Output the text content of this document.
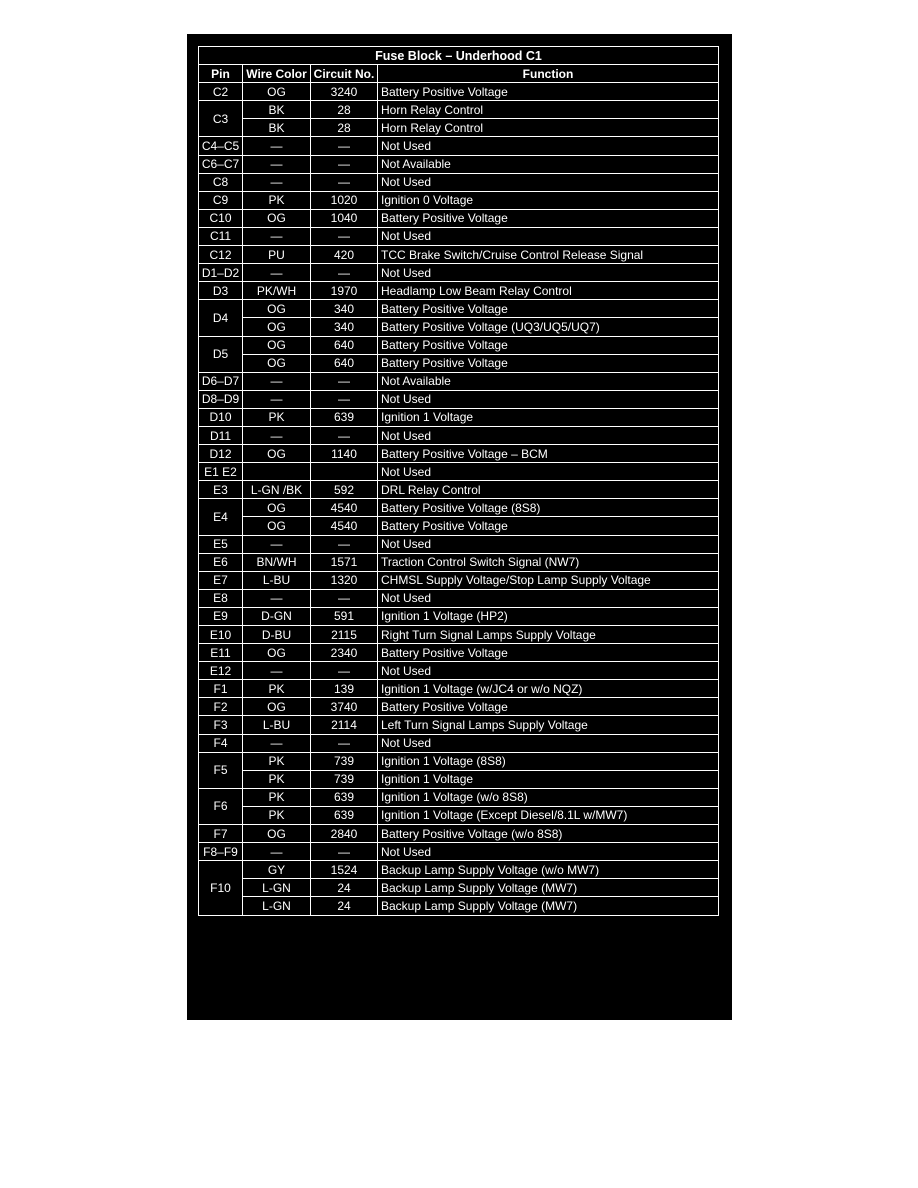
Fuse Block – Underhood C1			
Pin	Wire Color	Circuit No.	Function
C2	OG	3240	Battery Positive Voltage
C3	BK	28	Horn Relay Control
	BK	28	Horn Relay Control
C4–C5	—	—	Not Used
C6–C7	—	—	Not Available
C8	—	—	Not Used
C9	PK	1020	Ignition 0 Voltage
C10	OG	1040	Battery Positive Voltage
C11	—	—	Not Used
C12	PU	420	TCC Brake Switch/Cruise Control Release Signal
D1–D2	—	—	Not Used
D3	PK/WH	1970	Headlamp Low Beam Relay Control
D4	OG	340	Battery Positive Voltage
	OG	340	Battery Positive Voltage (UQ3/UQ5/UQ7)
D5	OG	640	Battery Positive Voltage
	OG	640	Battery Positive Voltage
D6–D7	—	—	Not Available
D8–D9	—	—	Not Used
D10	PK	639	Ignition 1 Voltage
D11	—	—	Not Used
D12	OG	1140	Battery Positive Voltage – BCM
E1 E2			Not Used
E3	L-GN /BK	592	DRL Relay Control
E4	OG	4540	Battery Positive Voltage (8S8)
	OG	4540	Battery Positive Voltage
E5	—	—	Not Used
E6	BN/WH	1571	Traction Control Switch Signal (NW7)
E7	L-BU	1320	CHMSL Supply Voltage/Stop Lamp Supply Voltage
E8	—	—	Not Used
E9	D-GN	591	Ignition 1 Voltage (HP2)
E10	D-BU	2115	Right Turn Signal Lamps Supply Voltage
E11	OG	2340	Battery Positive Voltage
E12	—	—	Not Used
F1	PK	139	Ignition 1 Voltage (w/JC4 or w/o NQZ)
F2	OG	3740	Battery Positive Voltage
F3	L-BU	2114	Left Turn Signal Lamps Supply Voltage
F4	—	—	Not Used
F5	PK	739	Ignition 1 Voltage (8S8)
	PK	739	Ignition 1 Voltage
F6	PK	639	Ignition 1 Voltage (w/o 8S8)
	PK	639	Ignition 1 Voltage (Except Diesel/8.1L w/MW7)
F7	OG	2840	Battery Positive Voltage (w/o 8S8)
F8–F9	—	—	Not Used
F10	GY	1524	Backup Lamp Supply Voltage (w/o MW7)
	L-GN	24	Backup Lamp Supply Voltage (MW7)
	L-GN	24	Backup Lamp Supply Voltage (MW7)
